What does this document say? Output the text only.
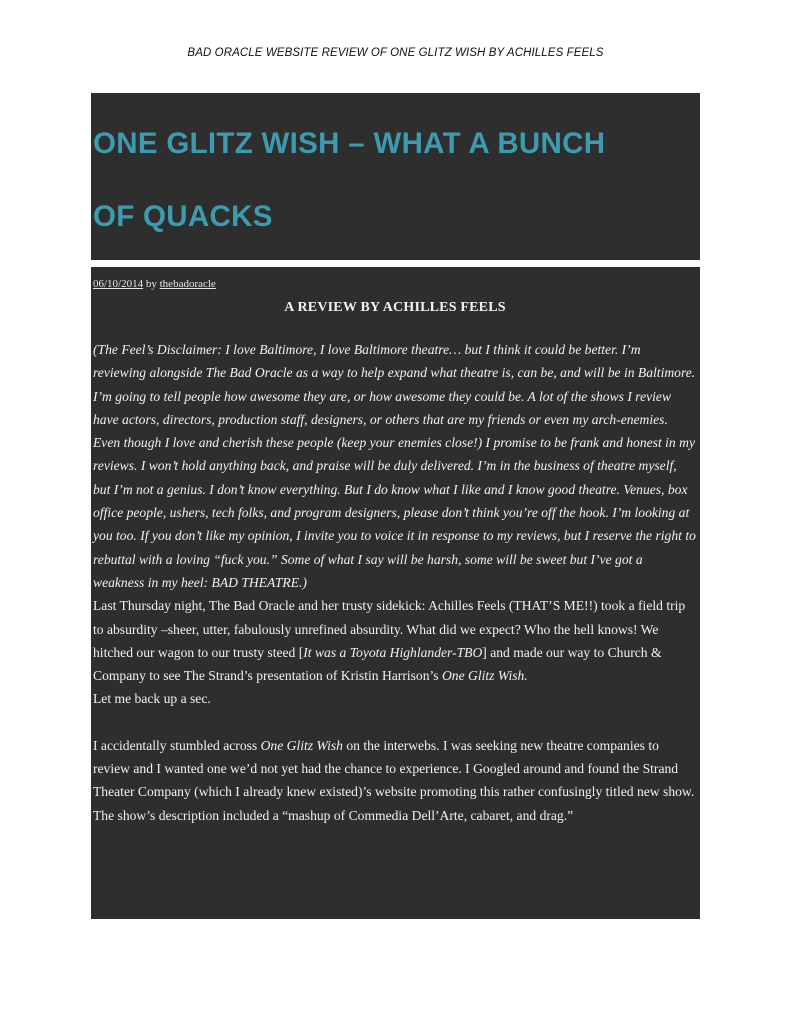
BAD ORACLE WEBSITE REVIEW OF ONE GLITZ WISH BY ACHILLES FEELS
ONE GLITZ WISH – WHAT A BUNCH
OF QUACKS
06/10/2014 by thebadoracle
A REVIEW BY ACHILLES FEELS

(The Feel’s Disclaimer: I love Baltimore, I love Baltimore theatre… but I think it could be better. I’m reviewing alongside The Bad Oracle as a way to help expand what theatre is, can be, and will be in Baltimore. I’m going to tell people how awesome they are, or how awesome they could be. A lot of the shows I review have actors, directors, production staff, designers, or others that are my friends or even my arch-enemies. Even though I love and cherish these people (keep your enemies close!) I promise to be frank and honest in my reviews. I won’t hold anything back, and praise will be duly delivered. I’m in the business of theatre myself, but I’m not a genius. I don’t know everything. But I do know what I like and I know good theatre. Venues, box office people, ushers, tech folks, and program designers, please don’t think you’re off the hook. I’m looking at you too. If you don’t like my opinion, I invite you to voice it in response to my reviews, but I reserve the right to rebuttal with a loving “fuck you.” Some of what I say will be harsh, some will be sweet but I’ve got a weakness in my heel: BAD THEATRE.)

Last Thursday night, The Bad Oracle and her trusty sidekick: Achilles Feels (THAT’S ME!!) took a field trip to absurdity –sheer, utter, fabulously unrefined absurdity. What did we expect? Who the hell knows! We hitched our wagon to our trusty steed [It was a Toyota Highlander-TBO] and made our way to Church & Company to see The Strand’s presentation of Kristin Harrison’s One Glitz Wish.

Let me back up a sec.

I accidentally stumbled across One Glitz Wish on the interwebs. I was seeking new theatre companies to review and I wanted one we’d not yet had the chance to experience. I Googled around and found the Strand Theater Company (which I already knew existed)’s website promoting this rather confusingly titled new show. The show’s description included a “mashup of Commedia Dell’Arte, cabaret, and drag.”
